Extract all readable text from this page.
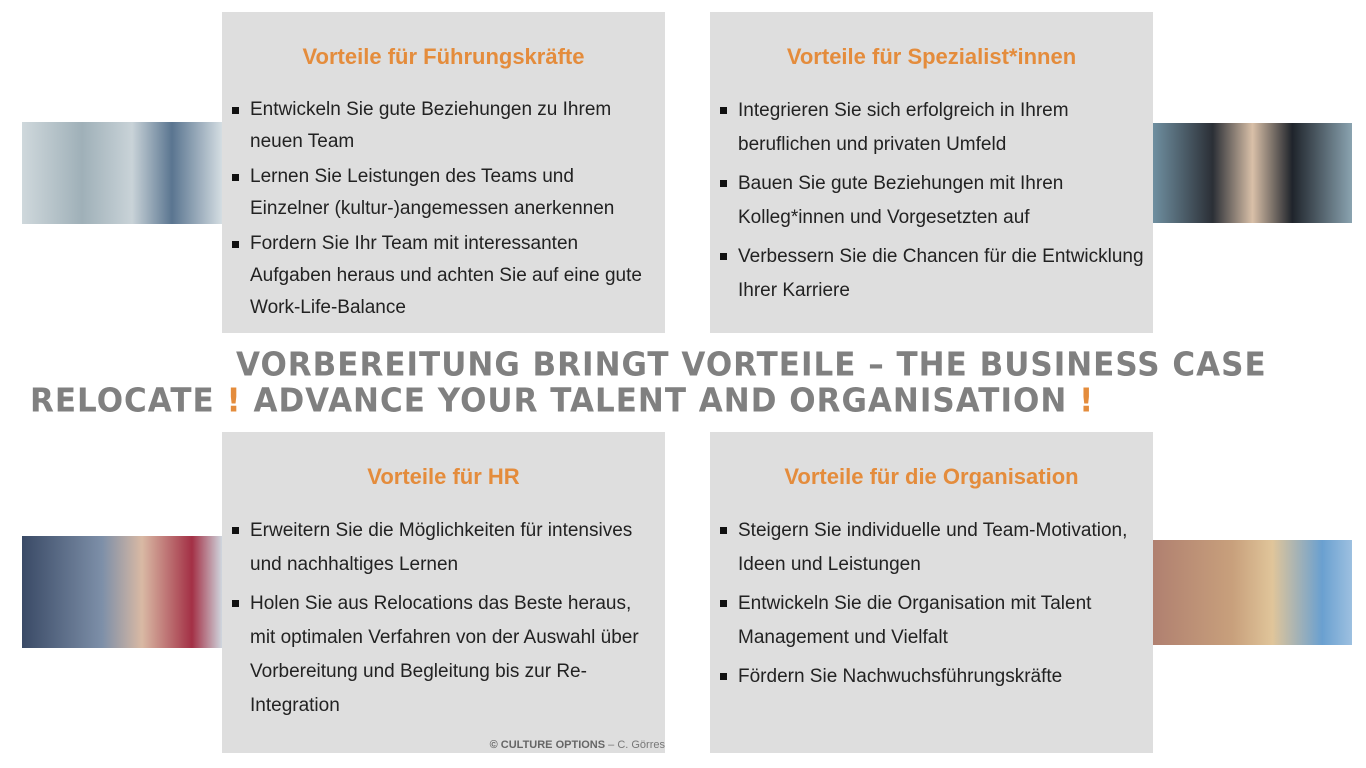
Vorteile für Führungskräfte
Entwickeln Sie gute Beziehungen zu Ihrem neuen Team
Lernen Sie Leistungen des Teams und Einzelner (kultur-)angemessen anerkennen
Fordern Sie Ihr Team mit interessanten Aufgaben heraus und achten Sie auf eine gute Work-Life-Balance
Vorteile für Spezialist*innen
Integrieren Sie sich erfolgreich in Ihrem beruflichen und privaten Umfeld
Bauen Sie gute Beziehungen mit Ihren Kolleg*innen und Vorgesetzten auf
Verbessern Sie die Chancen für die Entwicklung Ihrer Karriere
Vorteile für HR
Erweitern Sie die Möglichkeiten für intensives und nachhaltiges Lernen
Holen Sie aus Relocations das Beste heraus, mit optimalen Verfahren von der Auswahl über Vorbereitung und Begleitung bis zur Re-Integration
Vorteile für die Organisation
Steigern Sie individuelle und Team-Motivation, Ideen und Leistungen
Entwickeln Sie die Organisation mit Talent Management und Vielfalt
Fördern Sie Nachwuchsführungskräfte
VORBEREITUNG BRINGT VORTEILE – THE BUSINESS CASE
RELOCATE ! ADVANCE YOUR TALENT AND ORGANISATION !
© CULTURE OPTIONS – C. Görres
